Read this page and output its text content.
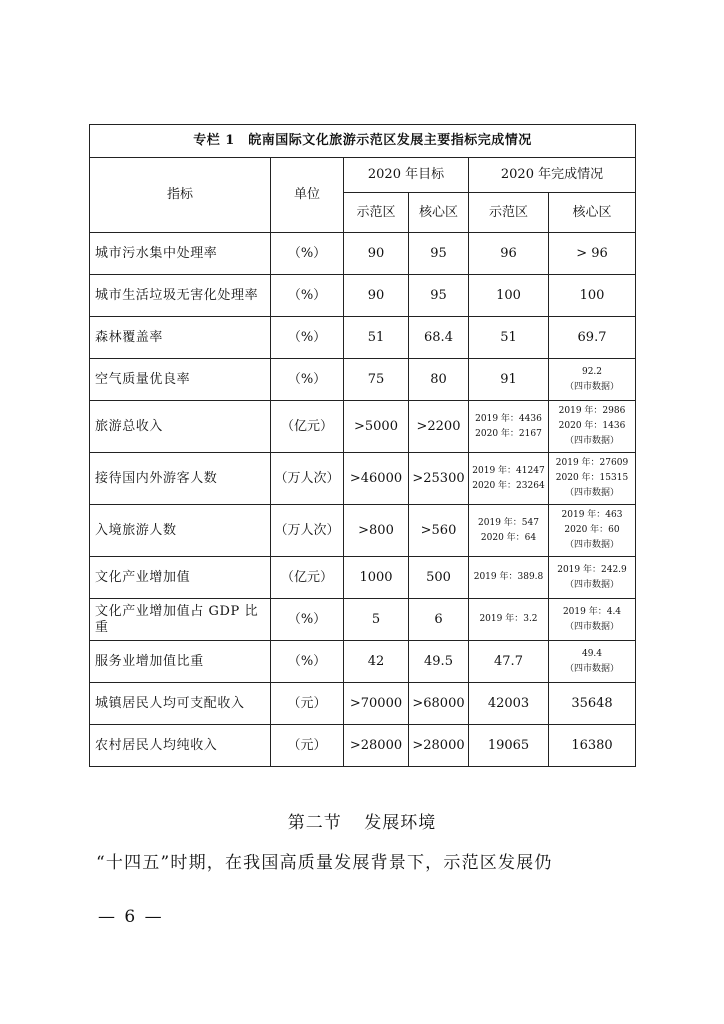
专栏 1　皖南国际文化旅游示范区发展主要指标完成情况					
指标	单位	2020 年目标		2020 年完成情况	
		示范区	核心区	示范区	核心区
城市污水集中处理率	（%）	90	95	96	> 96

城市生活垃圾无害化处理率	（%）	90	95	100	100

森林覆盖率	（%）	51	68.4	51	69.7

空气质量优良率	（%）	75	80	91	92.2
（四市数据）

旅游总收入	（亿元）	>5000	>2200	2019 年：4436
2020 年：2167	2019 年：2986
2020 年：1436
（四市数据）

接待国内外游客人数	（万人次）	>46000	>25300	2019 年：41247
2020 年：23264	2019 年：27609
2020 年：15315
（四市数据）

入境旅游人数	（万人次）	>800	>560	2019 年：547
2020 年：64	2019 年：463
2020 年：60
（四市数据）

文化产业增加值	（亿元）	1000	500	2019 年：389.8	2019 年：242.9
（四市数据）

文化产业增加值占 GDP 比重	（%）	5	6	2019 年：3.2	2019 年：4.4
（四市数据）

服务业增加值比重	（%）	42	49.5	47.7	49.4
（四市数据）

城镇居民人均可支配收入	（元）	>70000	>68000	42003	35648

农村居民人均纯收入	（元）	>28000	>28000	19065	16380
第二节 发展环境
“十四五”时期，在我国高质量发展背景下，示范区发展仍
— 6 —
